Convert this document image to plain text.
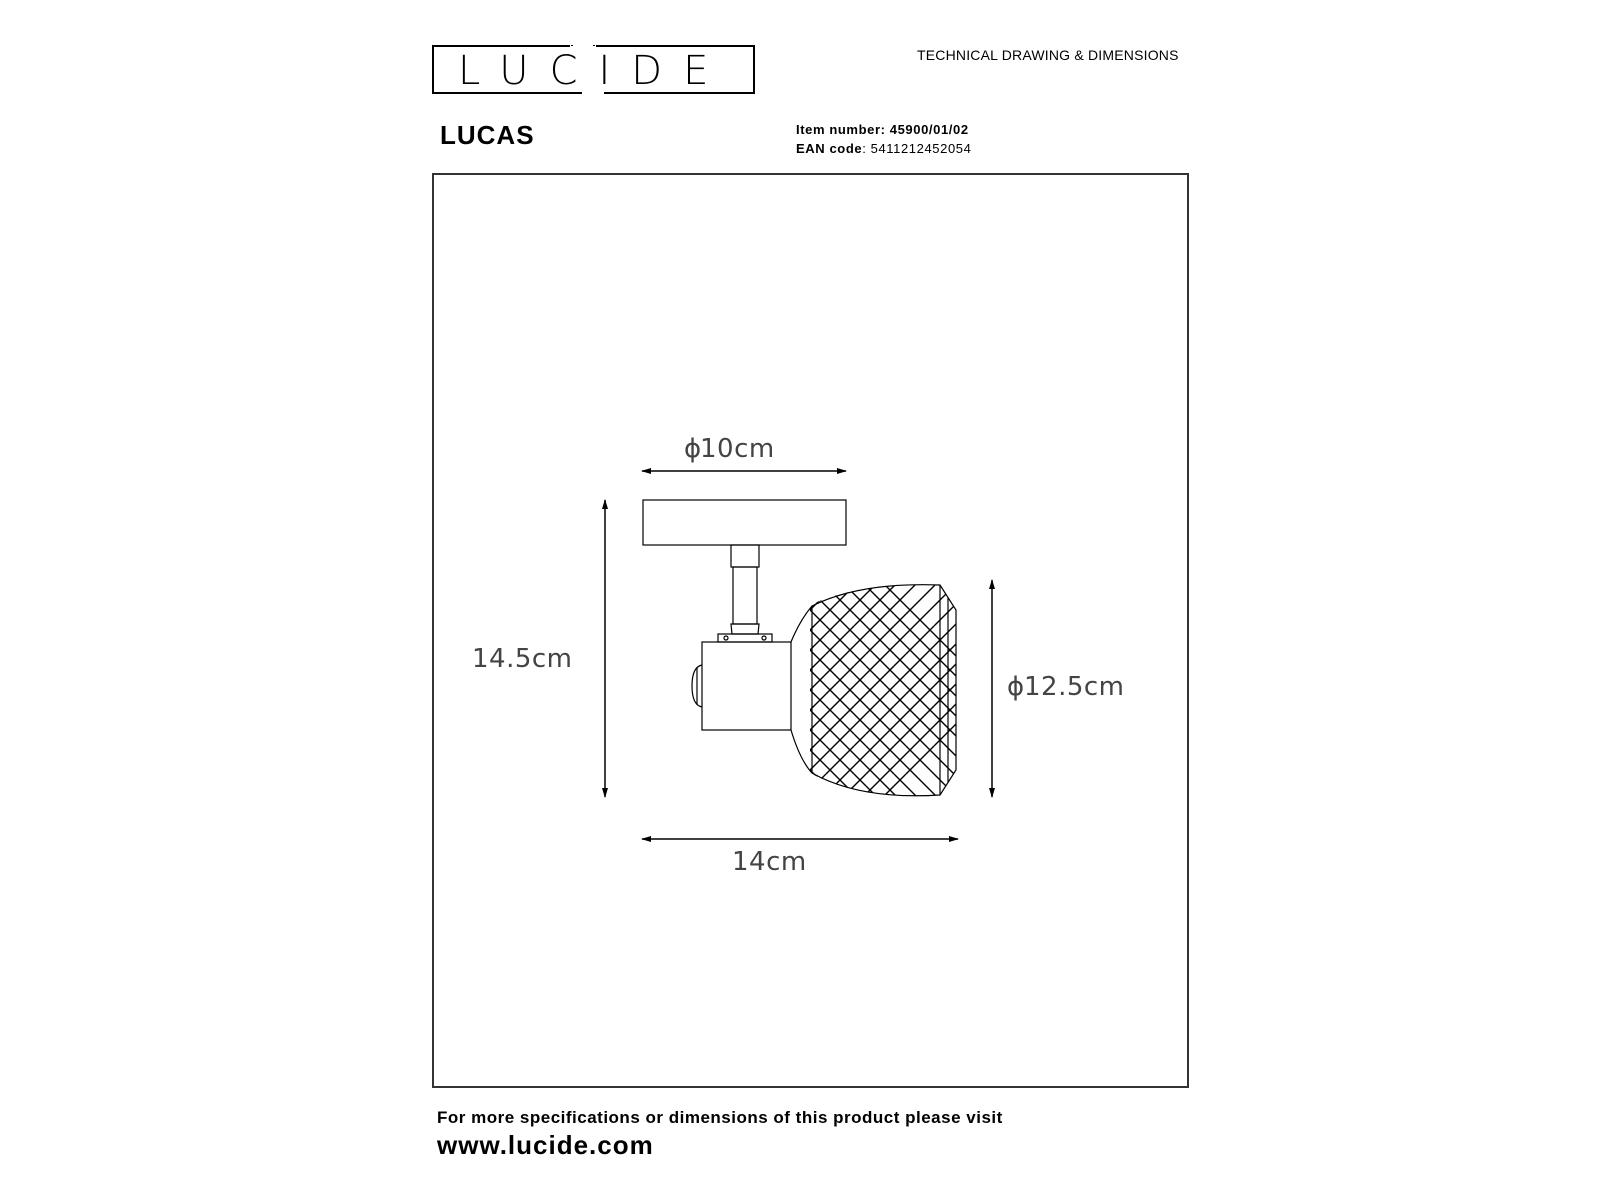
LUCIDE	TECHNICAL DRAWING & DIMENSIONS
LUCAS	Item number: 45900/01/02
EAN code: 5411212452054
ϕ
10cm
14.5cm
ϕ 12.5cm
14cm
For more specifications or dimensions of this product please visit
www.lucide.com
